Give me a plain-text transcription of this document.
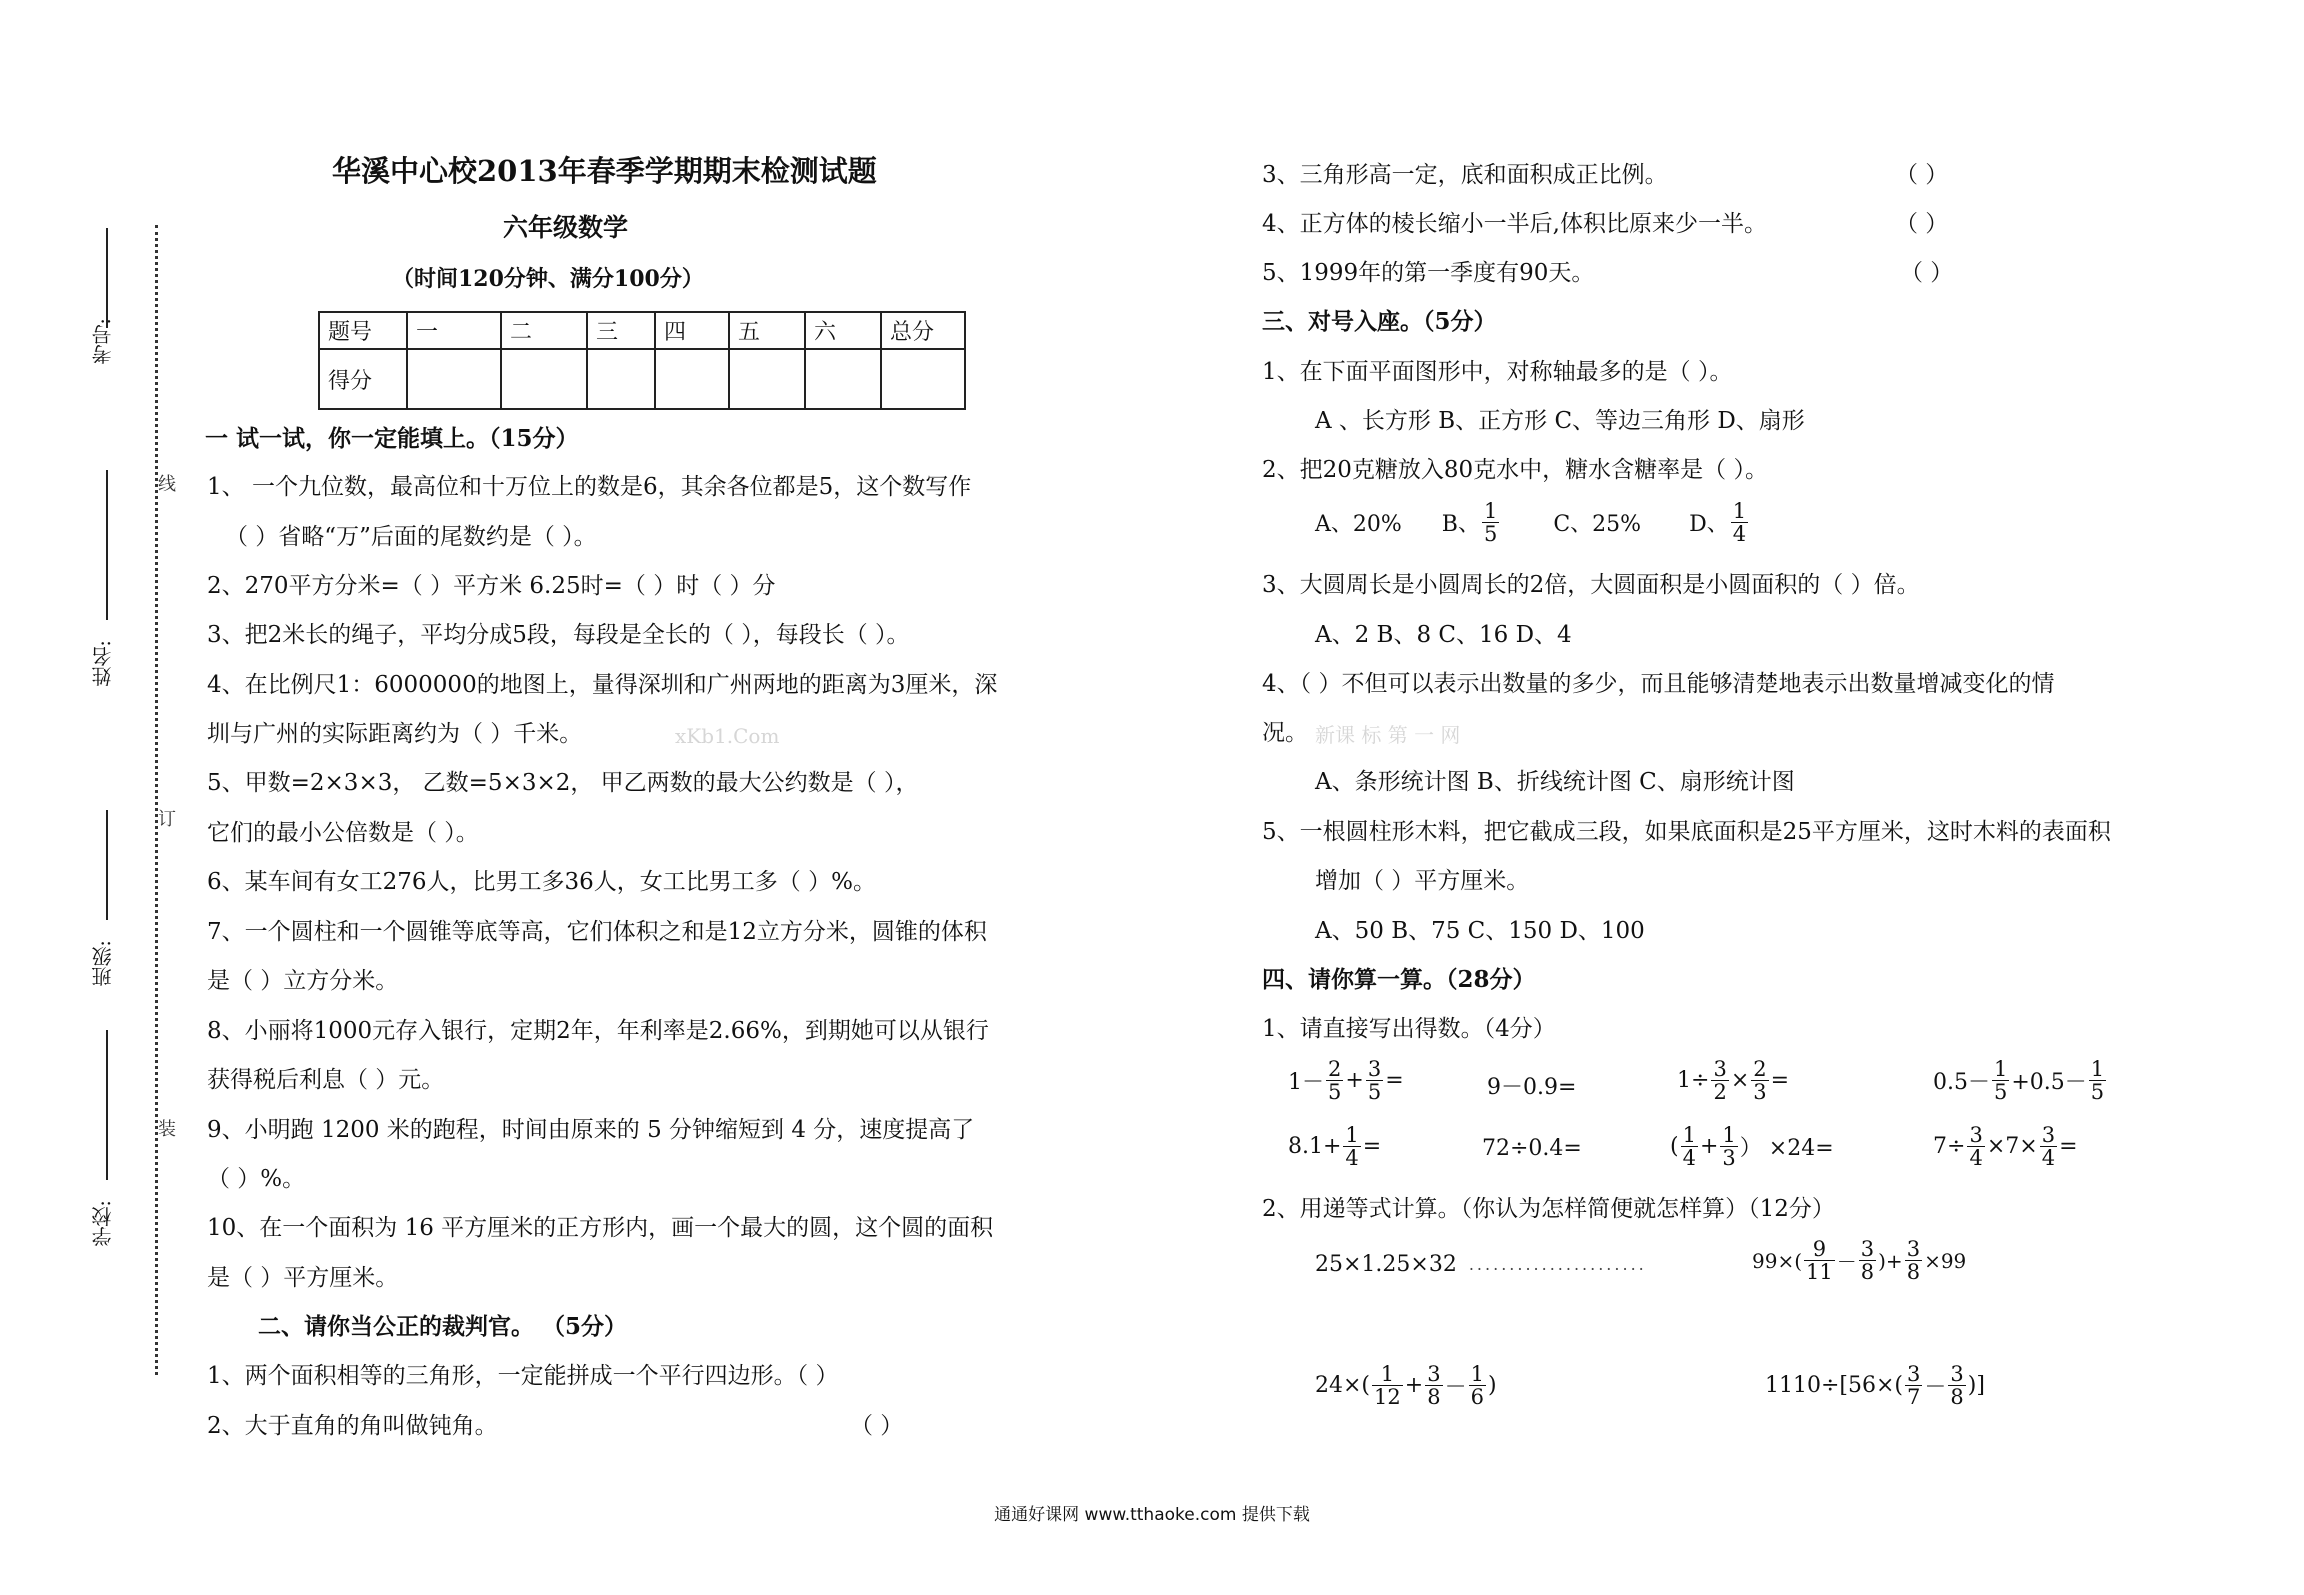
考号:
姓名:
班级:
学校:
线
订
装
华溪中心校2013年春季学期期末检测试题
六年级数学
（时间120分钟、满分100分）
题号	一	二	三	四	五	六	总分
得分							
一 试一试，你一定能填上。（15分）
1、 一个九位数，最高位和十万位上的数是6，其余各位都是5，这个数写作
（ ）省略“万”后面的尾数约是（ ）。
2、270平方分米=（ ）平方米 6.25时=（ ）时（ ）分
3、把2米长的绳子，平均分成5段，每段是全长的（ ），每段长（ ）。
4、在比例尺1：6000000的地图上，量得深圳和广州两地的距离为3厘米，深
圳与广州的实际距离约为（ ）千米。	xKb1.Com
5、甲数=2×3×3， 乙数=5×3×2， 甲乙两数的最大公约数是（ ），
它们的最小公倍数是（ ）。
6、某车间有女工276人，比男工多36人，女工比男工多（ ）%。
7、一个圆柱和一个圆锥等底等高，它们体积之和是12立方分米，圆锥的体积
是（ ）立方分米。
8、小丽将1000元存入银行，定期2年，年利率是2.66%，到期她可以从银行
获得税后利息（ ）元。
9、小明跑 1200 米的跑程，时间由原来的 5 分钟缩短到 4 分，速度提高了
（ ）%。
10、在一个面积为 16 平方厘米的正方形内，画一个最大的圆，这个圆的面积
是（ ）平方厘米。
二、请你当公正的裁判官。 （5分）
1、两个面积相等的三角形，一定能拼成一个平行四边形。（ ）
2、大于直角的角叫做钝角。	（ ）
3、三角形高一定，底和面积成正比例。	（ ）
4、正方体的棱长缩小一半后,体积比原来少一半。	（ ）
5、1999年的第一季度有90天。	（ ）
三、对号入座。（5分）
1、在下面平面图形中，对称轴最多的是（ ）。
A 、长方形 B、正方形 C、等边三角形 D、扇形
2、把20克糖放入80克水中，糖水含糖率是（ ）。
A、20% B、 $\frac{1}{5}$ C、25% D、 $\frac{1}{4}$
3、大圆周长是小圆周长的2倍，大圆面积是小圆面积的（ ）倍。
A、2 B、8 C、16 D、4
4、（ ）不但可以表示出数量的多少，而且能够清楚地表示出数量增减变化的情
况。 新课 标 第 一 网
A、条形统计图 B、折线统计图 C、扇形统计图
5、一根圆柱形木料，把它截成三段，如果底面积是25平方厘米，这时木料的表面积
增加（ ）平方厘米。
A、50 B、75 C、150 D、100
四、请你算一算。（28分）
1、请直接写出得数。（4分）
$1- \frac{2}{5} + \frac{3}{5}$ =	9－0.9=	$1\div \frac{3}{2} \times \frac{2}{3}$ =	$0.5- \frac{1}{5} +0.5- \frac{1}{5}$
$8.1+ \frac{1}{4}$ =	72÷0.4=	( $\frac{1}{4} + \frac{1}{3}$ ） ×24=	$7\div \frac{3}{4} \times 7\times \frac{3}{4}$ =
2、用递等式计算。（你认为怎样简便就怎样算）（12分）
25×1.25×32 ......................	$99\times( \frac{9}{11} - \frac{3}{8}$ )+ $\frac{3}{8} \times 99$
$24\times( \frac{1}{12} + \frac{3}{8} - \frac{1}{6}$ )	$1110\div[56\times( \frac{3}{7} - \frac{3}{8}$ )]
通通好课网 www.tthaoke.com 提供下载
